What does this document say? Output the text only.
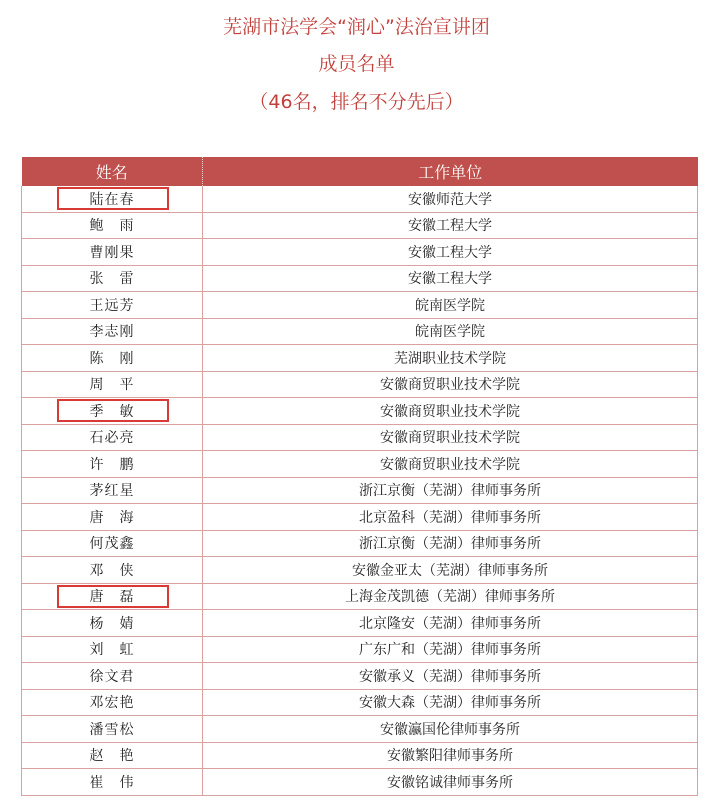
芜湖市法学会“润心”法治宣讲团
成员名单
（46名，排名不分先后）
姓名	工作单位
陆在春	安徽师范大学
鲍　雨	安徽工程大学
曹刚果	安徽工程大学
张　雷	安徽工程大学
王远芳	皖南医学院
李志刚	皖南医学院
陈　刚	芜湖职业技术学院
周　平	安徽商贸职业技术学院
季　敏	安徽商贸职业技术学院
石必亮	安徽商贸职业技术学院
许　鹏	安徽商贸职业技术学院
茅红星	浙江京衡（芜湖）律师事务所
唐　海	北京盈科（芜湖）律师事务所
何茂鑫	浙江京衡（芜湖）律师事务所
邓　侠	安徽金亚太（芜湖）律师事务所
唐　磊	上海金茂凯德（芜湖）律师事务所
杨　婧	北京隆安（芜湖）律师事务所
刘　虹	广东广和（芜湖）律师事务所
徐文君	安徽承义（芜湖）律师事务所
邓宏艳	安徽大森（芜湖）律师事务所
潘雪松	安徽瀛国伦律师事务所
赵　艳	安徽繁阳律师事务所
崔　伟	安徽铭诚律师事务所
